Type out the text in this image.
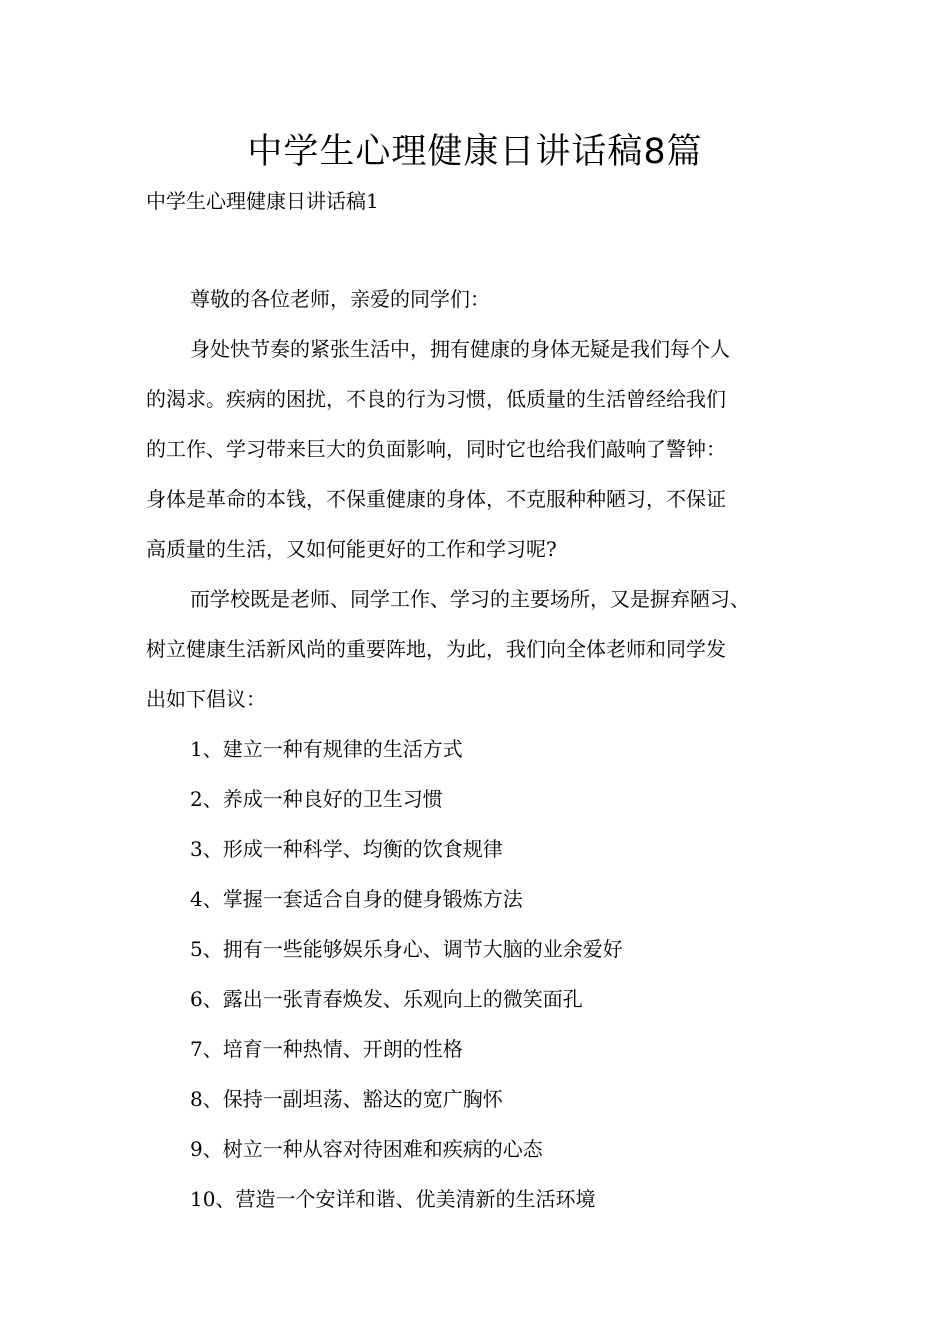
中学生心理健康日讲话稿8篇
中学生心理健康日讲话稿1
尊敬的各位老师，亲爱的同学们：
身处快节奏的紧张生活中，拥有健康的身体无疑是我们每个人
的渴求。疾病的困扰，不良的行为习惯，低质量的生活曾经给我们
的工作、学习带来巨大的负面影响，同时它也给我们敲响了警钟：
身体是革命的本钱，不保重健康的身体，不克服种种陋习，不保证
高质量的生活，又如何能更好的工作和学习呢?
而学校既是老师、同学工作、学习的主要场所，又是摒弃陋习、
树立健康生活新风尚的重要阵地，为此，我们向全体老师和同学发
出如下倡议：
1、建立一种有规律的生活方式
2、养成一种良好的卫生习惯
3、形成一种科学、均衡的饮食规律
4、掌握一套适合自身的健身锻炼方法
5、拥有一些能够娱乐身心、调节大脑的业余爱好
6、露出一张青春焕发、乐观向上的微笑面孔
7、培育一种热情、开朗的性格
8、保持一副坦荡、豁达的宽广胸怀
9、树立一种从容对待困难和疾病的心态
10、营造一个安详和谐、优美清新的生活环境
